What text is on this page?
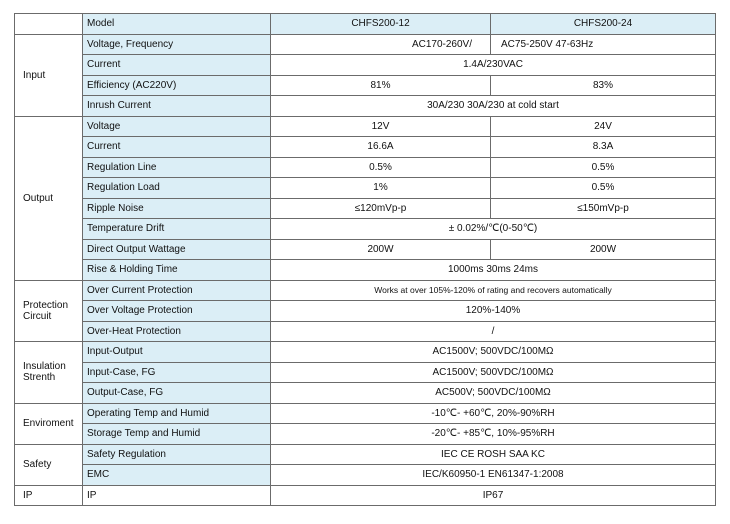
	Model	CHFS200-12	CHFS200-24
Input	Voltage, Frequency	AC170-260V/	AC75-250V 47-63Hz
	Current	1.4A/230VAC	
	Efficiency (AC220V)	81%	83%
	Inrush Current	30A/230 30A/230 at cold start	
Output	Voltage	12V	24V
	Current	16.6A	8.3A
	Regulation Line	0.5%	0.5%
	Regulation Load	1%	0.5%
	Ripple Noise	≤120mVp-p	≤150mVp-p
	Temperature Drift	± 0.02%/℃(0-50℃)	
	Direct Output Wattage	200W	200W
	Rise & Holding Time	1000ms 30ms 24ms	
Protection
Circuit	Over Current Protection	Works at over 105%-120% of rating and recovers automatically	
	Over Voltage Protection	120%-140%	
	Over-Heat Protection	/	
Insulation
Strenth	Input-Output	AC1500V; 500VDC/100MΩ	
	Input-Case, FG	AC1500V; 500VDC/100MΩ	
	Output-Case, FG	AC500V; 500VDC/100MΩ	
Enviroment	Operating Temp and Humid	-10℃- +60℃, 20%-90%RH	
	Storage Temp and Humid	-20℃- +85℃, 10%-95%RH	
Safety	Safety Regulation	IEC CE ROSH SAA KC	
	EMC	IEC/K60950-1 EN61347-1:2008	
IP	IP	IP67	
